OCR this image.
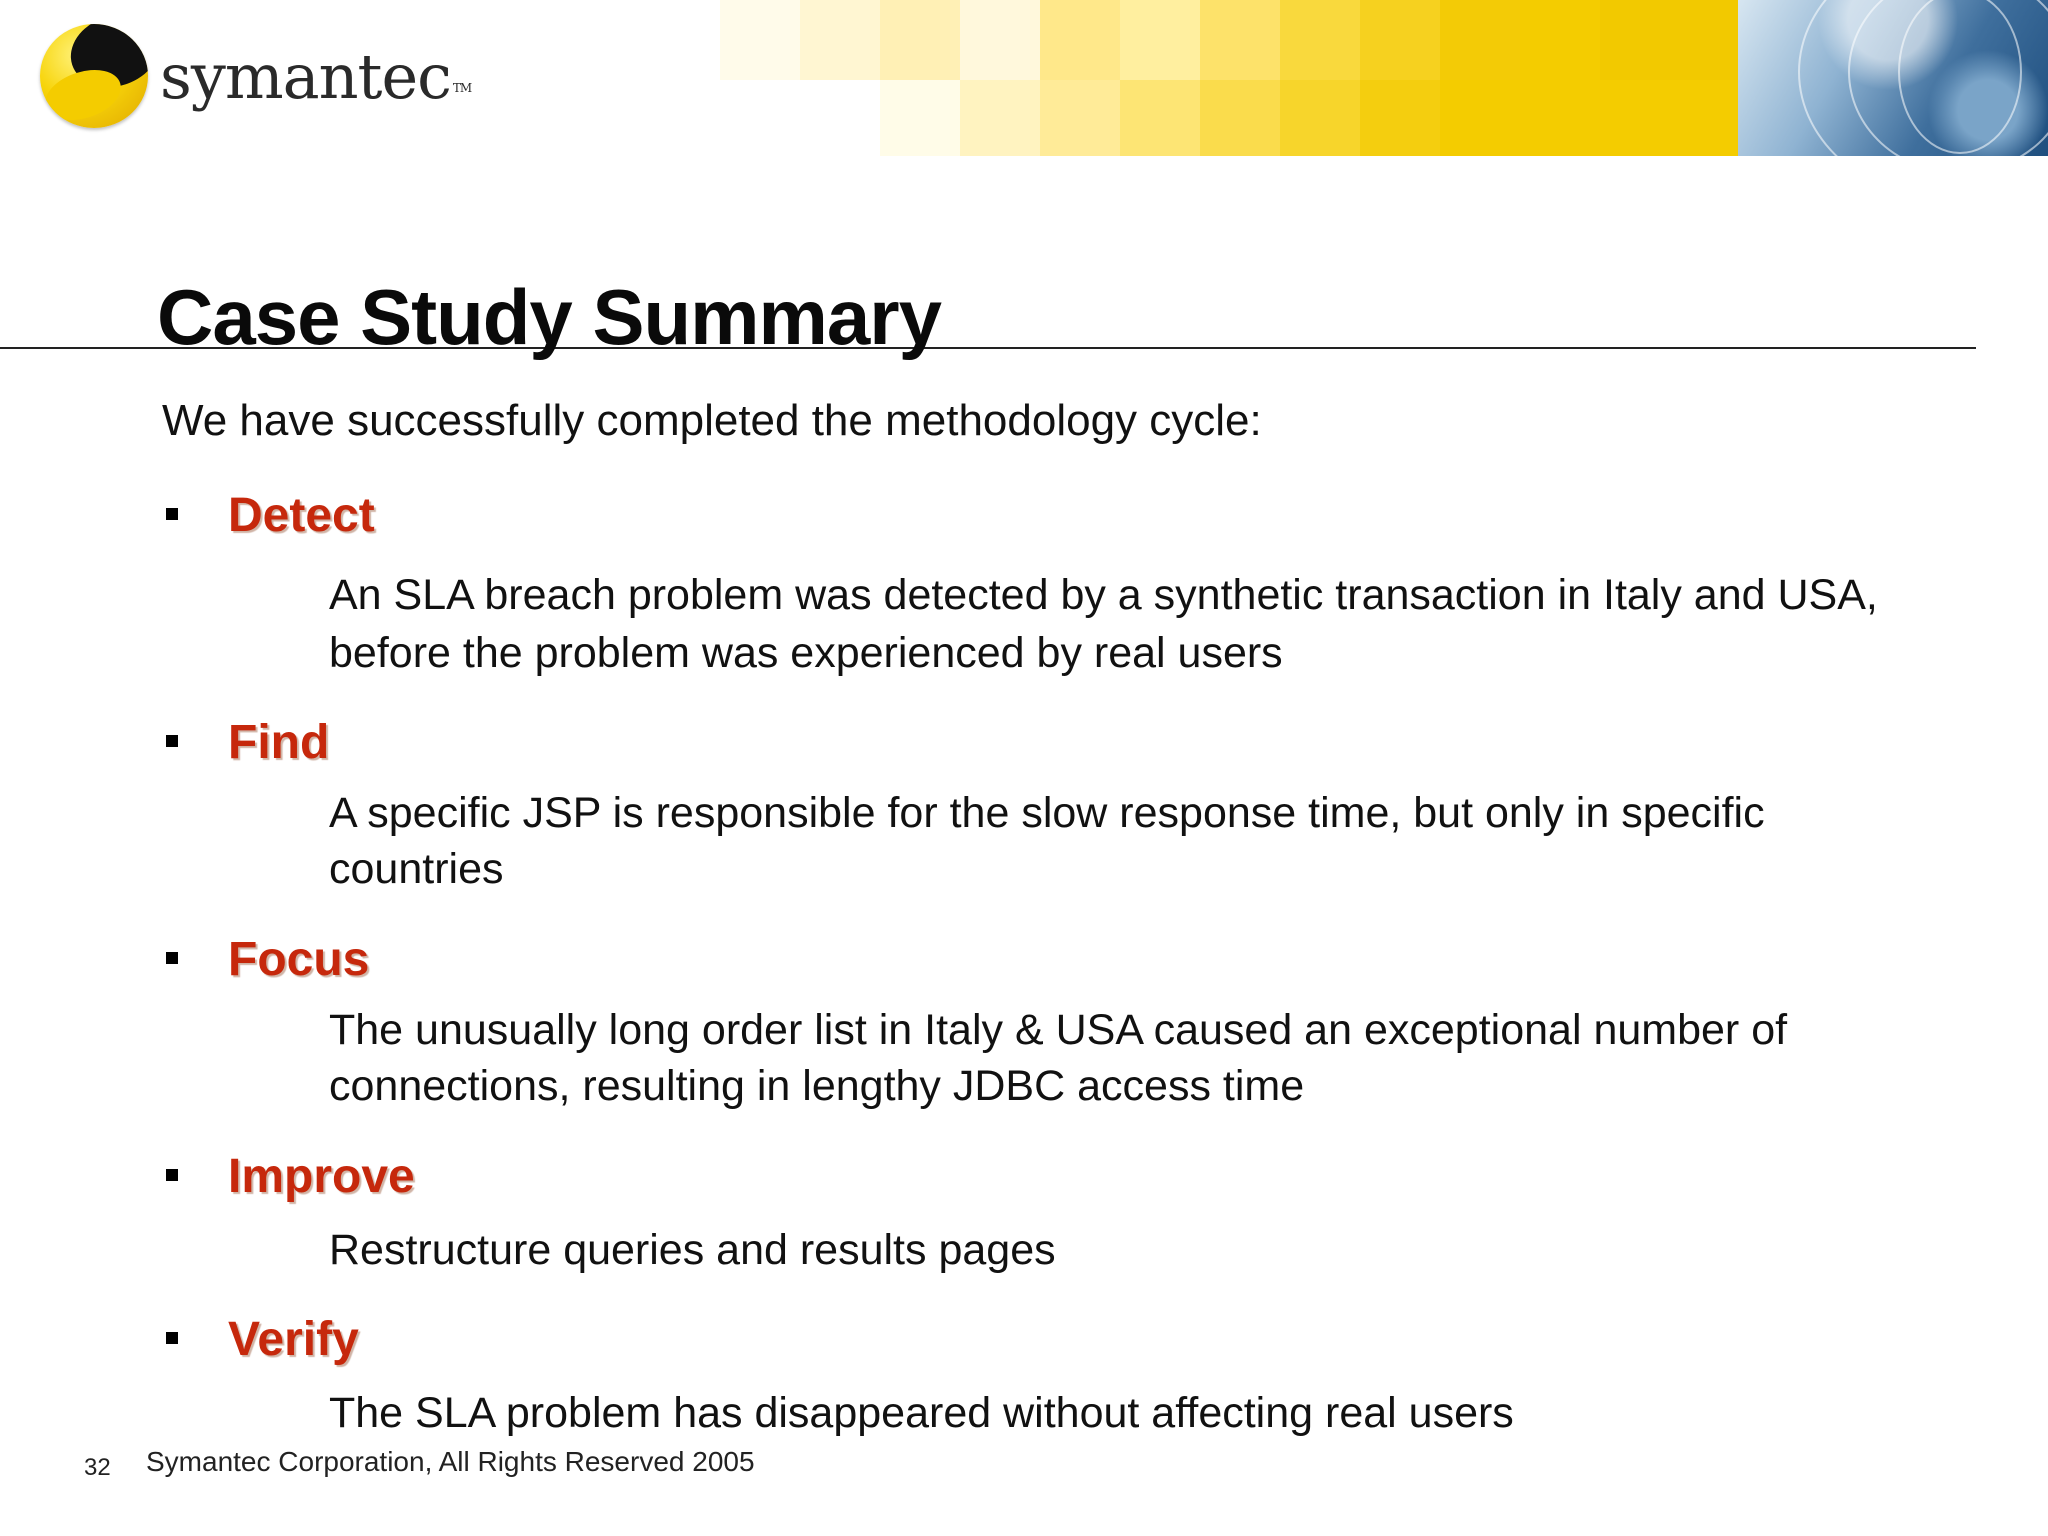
symantec TM
Case Study Summary

We have successfully completed the methodology cycle:

Detect

An SLA breach problem was detected by a synthetic transaction in Italy and USA,
before the problem was experienced by real users

Find

A specific JSP is responsible for the slow response time, but only in specific
countries

Focus

The unusually long order list in Italy & USA caused an exceptional number of
connections, resulting in lengthy JDBC access time

Improve

Restructure queries and results pages

Verify

The SLA problem has disappeared without affecting real users

32 Symantec Corporation, All Rights Reserved 2005
